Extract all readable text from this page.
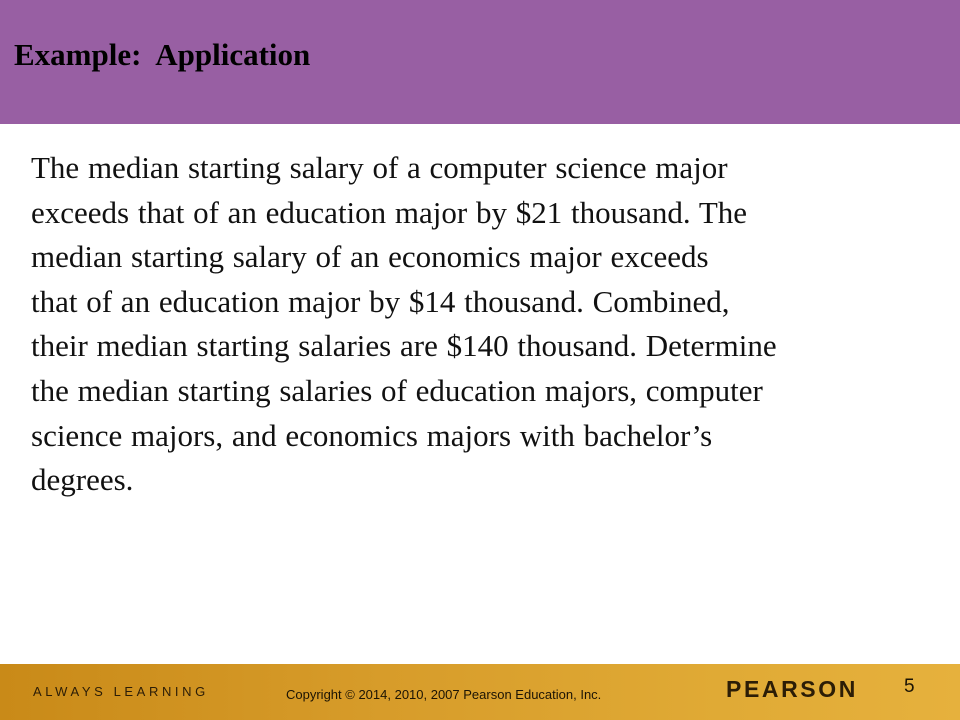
Example:  Application
The median starting salary of a computer science major
exceeds that of an education major by $21 thousand. The
median starting salary of an economics major exceeds
that of an education major by $14 thousand. Combined,
their median starting salaries are $140 thousand. Determine
the median starting salaries of education majors, computer
science majors, and economics majors with bachelor’s
degrees.
ALWAYS LEARNING	Copyright © 2014, 2010, 2007 Pearson Education, Inc.	PEARSON 5
